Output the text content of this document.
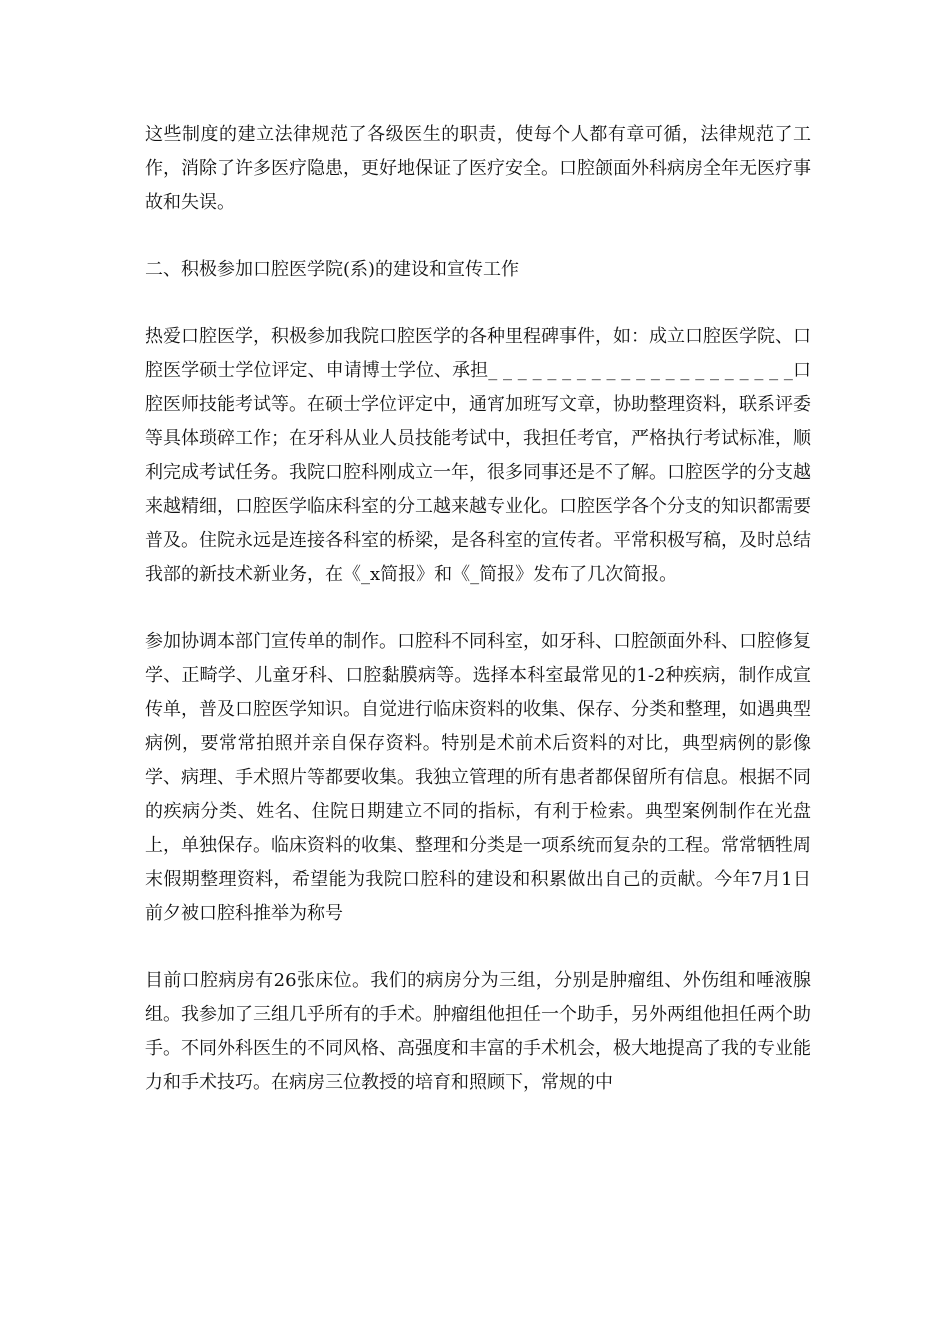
这些制度的建立法律规范了各级医生的职责，使每个人都有章可循，法律规范了工作，消除了许多医疗隐患，更好地保证了医疗安全。口腔颌面外科病房全年无医疗事故和失误。

二、积极参加口腔医学院(系)的建设和宣传工作

热爱口腔医学，积极参加我院口腔医学的各种里程碑事件，如：成立口腔医学院、口腔医学硕士学位评定、申请博士学位、承担_ _ _ _ _ _ _ _ _ _ _ _ _ _ _ _ _ _ _ _ _口腔医师技能考试等。在硕士学位评定中，通宵加班写文章，协助整理资料，联系评委等具体琐碎工作；在牙科从业人员技能考试中，我担任考官，严格执行考试标准，顺利完成考试任务。我院口腔科刚成立一年，很多同事还是不了解。口腔医学的分支越来越精细，口腔医学临床科室的分工越来越专业化。口腔医学各个分支的知识都需要普及。住院永远是连接各科室的桥梁，是各科室的宣传者。平常积极写稿，及时总结我部的新技术新业务，在《_x简报》和《_简报》发布了几次简报。

参加协调本部门宣传单的制作。口腔科不同科室，如牙科、口腔颌面外科、口腔修复学、正畸学、儿童牙科、口腔黏膜病等。选择本科室最常见的1-2种疾病，制作成宣传单，普及口腔医学知识。自觉进行临床资料的收集、保存、分类和整理，如遇典型病例，要常常拍照并亲自保存资料。特别是术前术后资料的对比，典型病例的影像学、病理、手术照片等都要收集。我独立管理的所有患者都保留所有信息。根据不同的疾病分类、姓名、住院日期建立不同的指标，有利于检索。典型案例制作在光盘上，单独保存。临床资料的收集、整理和分类是一项系统而复杂的工程。常常牺牲周末假期整理资料，希望能为我院口腔科的建设和积累做出自己的贡献。今年7月1日前夕被口腔科推举为称号

目前口腔病房有26张床位。我们的病房分为三组，分别是肿瘤组、外伤组和唾液腺组。我参加了三组几乎所有的手术。肿瘤组他担任一个助手，另外两组他担任两个助手。不同外科医生的不同风格、高强度和丰富的手术机会，极大地提高了我的专业能力和手术技巧。在病房三位教授的培育和照顾下，常规的中
